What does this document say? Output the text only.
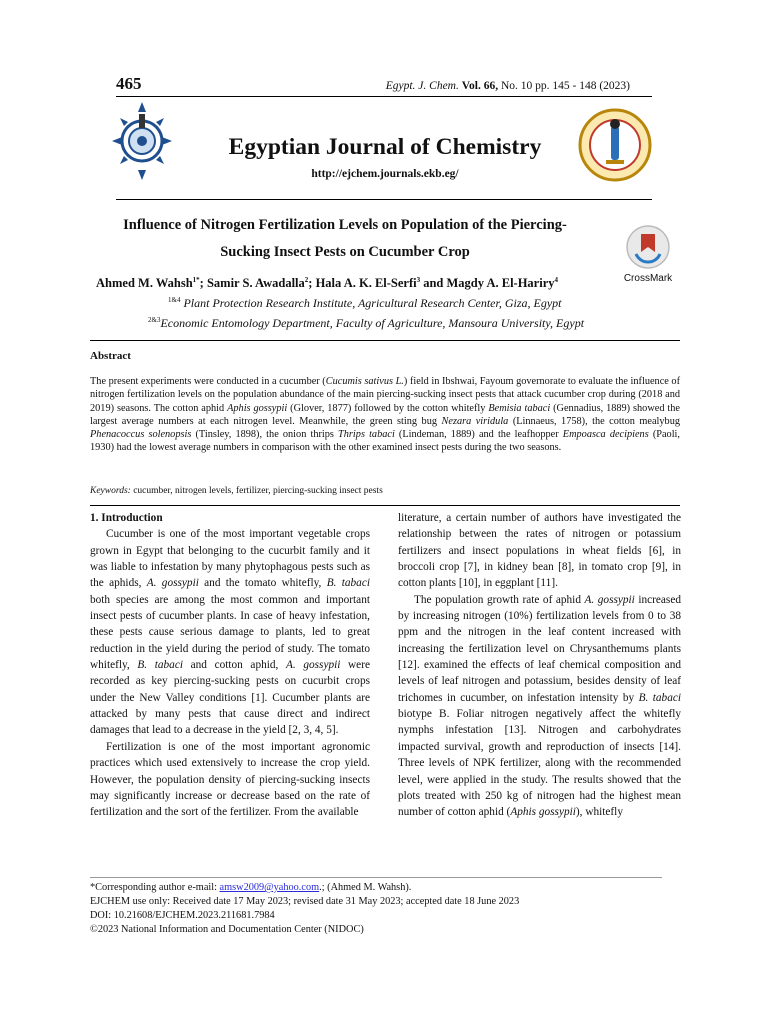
465	Egypt. J. Chem. Vol. 66, No. 10 pp. 145 - 148 (2023)
Egyptian Journal of Chemistry
http://ejchem.journals.ekb.eg/
Influence of Nitrogen Fertilization Levels on Population of the Piercing-
Sucking Insect Pests on Cucumber Crop
CrossMark
Ahmed M. Wahsh$^{1*}$; Samir S. Awadalla$^2$; Hala A. K. El-Serfi$^3$ and Magdy A. El-Hariry$^4$
$^{1\&4}$ Plant Protection Research Institute, Agricultural Research Center, Giza, Egypt
$^{2\&3}$Economic Entomology Department, Faculty of Agriculture, Mansoura University, Egypt
Abstract
The present experiments were conducted in a cucumber (Cucumis sativus L.) field in Ibshwai, Fayoum governorate to evaluate the influence of nitrogen fertilization levels on the population abundance of the main piercing-sucking insect pests that attack cucumber crop during (2018 and 2019) seasons. The cotton aphid Aphis gossypii (Glover, 1877) followed by the cotton whitefly Bemisia tabaci (Gennadius, 1889) showed the largest average numbers at each nitrogen level. Meanwhile, the green sting bug Nezara viridula (Linnaeus, 1758), the cotton mealybug Phenacoccus solenopsis (Tinsley, 1898), the onion thrips Thrips tabaci (Lindeman, 1889) and the leafhopper Empoasca decipiens (Paoli, 1930) had the lowest average numbers in comparison with the other examined insect pests during the two seasons.
Keywords: cucumber, nitrogen levels, fertilizer, piercing-sucking insect pests

1. Introduction

Cucumber is one of the most important vegetable crops grown in Egypt that belonging to the cucurbit family and it was liable to infestation by many phytophagous pests such as the aphids, A. gossypii and the tomato whitefly, B. tabaci both species are among the most common and important insect pests of cucumber plants. In case of heavy infestation, these pests cause serious damage to plants, led to great reduction in the yield during the period of study. The tomato whitefly, B. tabaci and cotton aphid, A. gossypii were recorded as key piercing-sucking pests on cucurbit crops under the New Valley conditions [1]. Cucumber plants are attacked by many pests that cause direct and indirect damages that lead to a decrease in the yield [2, 3, 4, 5].

Fertilization is one of the most important agronomic practices which used extensively to increase the crop yield. However, the population density of piercing-sucking insects may significantly increase or decrease based on the rate of fertilization and the sort of the fertilizer. From the available

literature, a certain number of authors have investigated the relationship between the rates of nitrogen or potassium fertilizers and insect populations in wheat fields [6], in broccoli crop [7], in kidney bean [8], in tomato crop [9], in cotton plants [10], in eggplant [11].

The population growth rate of aphid A. gossypii increased by increasing nitrogen (10%) fertilization levels from 0 to 38 ppm and the nitrogen in the leaf content increased with increasing the fertilization level on Chrysanthemums plants [12]. examined the effects of leaf chemical composition and levels of leaf nitrogen and potassium, besides density of leaf trichomes in cucumber, on infestation intensity by B. tabaci biotype B. Foliar nitrogen negatively affect the whitefly nymphs infestation [13]. Nitrogen and carbohydrates impacted survival, growth and reproduction of insects [14]. Three levels of NPK fertilizer, along with the recommended level, were applied in the study. The results showed that the plots treated with 250 kg of nitrogen had the highest mean number of cotton aphid (Aphis gossypii), whitefly

*Corresponding author e-mail: amsw2009@yahoo.com.; (Ahmed M. Wahsh).
EJCHEM use only: Received date 17 May 2023; revised date 31 May 2023; accepted date 18 June 2023
DOI: 10.21608/EJCHEM.2023.211681.7984
©2023 National Information and Documentation Center (NIDOC)
